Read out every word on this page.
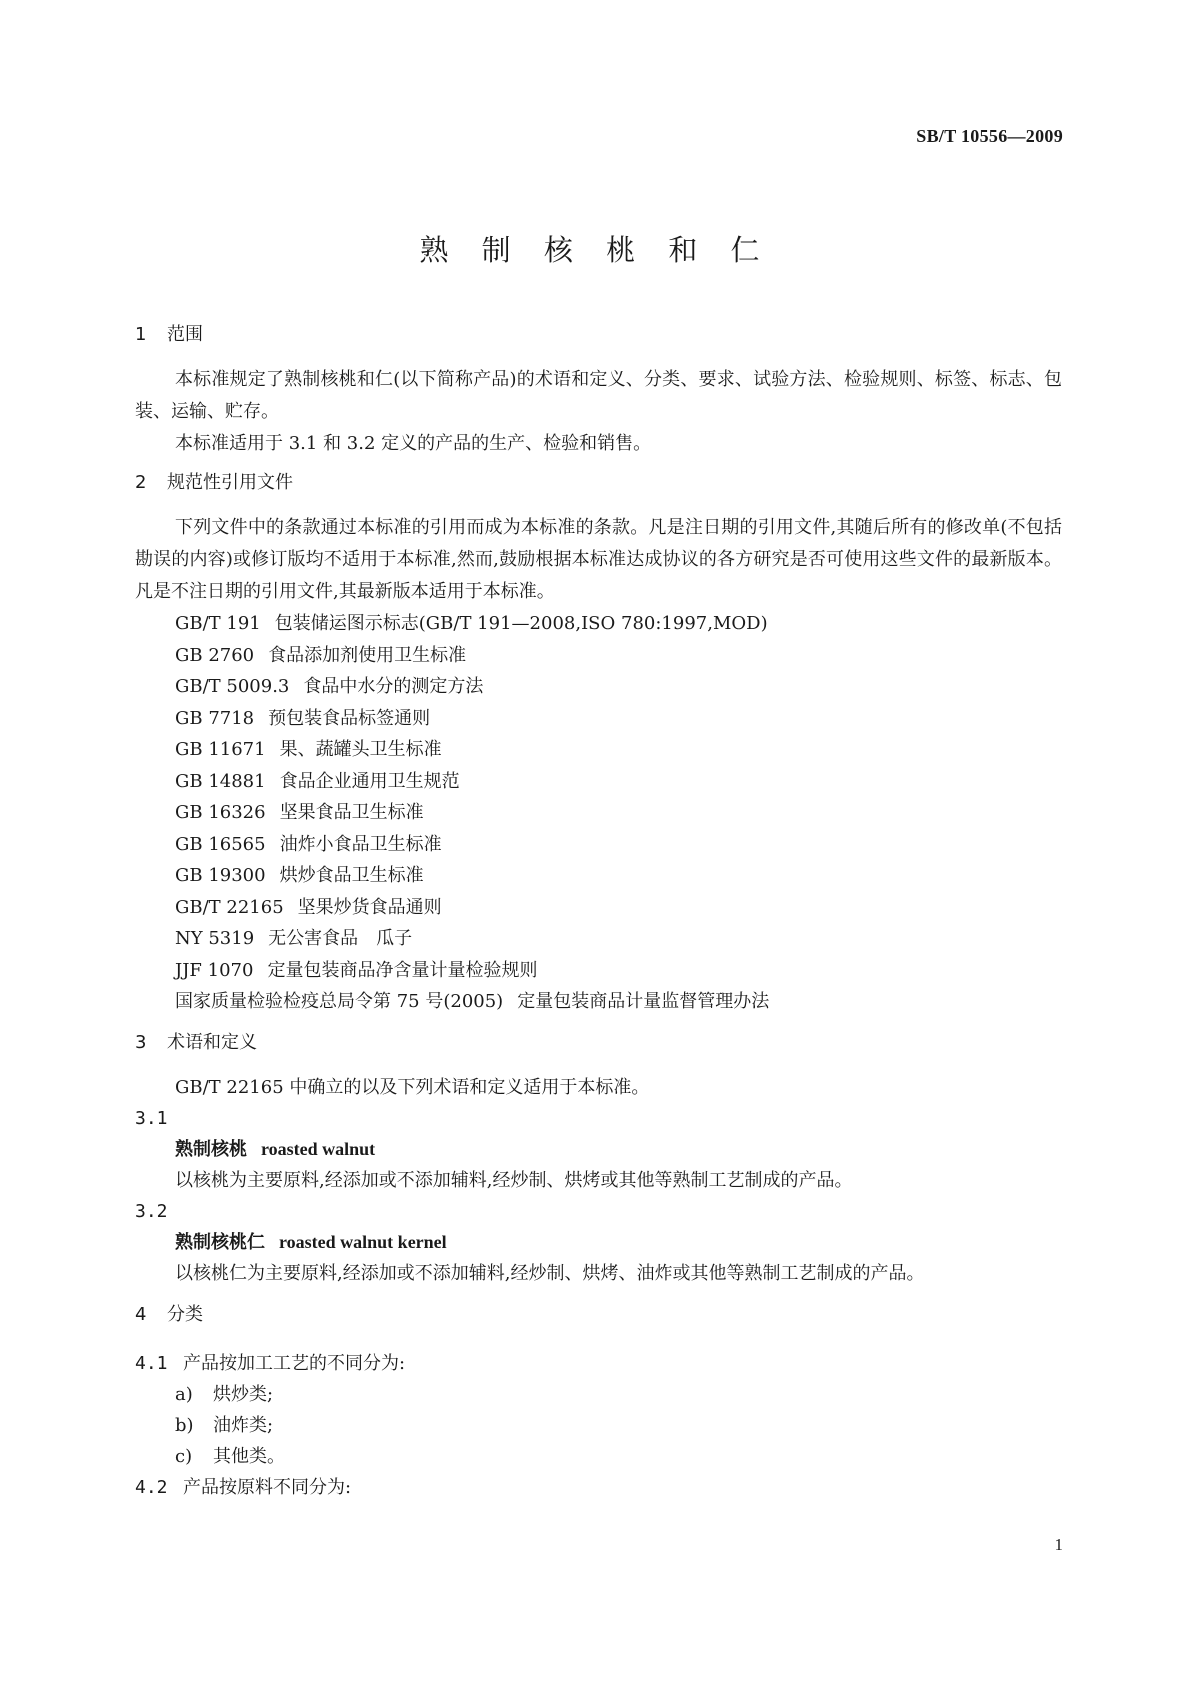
SB/T 10556—2009
熟 制 核 桃 和 仁
1 范围
本标准规定了熟制核桃和仁(以下简称产品)的术语和定义、分类、要求、试验方法、检验规则、标签、标志、包装、运输、贮存。
本标准适用于 3.1 和 3.2 定义的产品的生产、检验和销售。
2 规范性引用文件
下列文件中的条款通过本标准的引用而成为本标准的条款。凡是注日期的引用文件,其随后所有的修改单(不包括勘误的内容)或修订版均不适用于本标准,然而,鼓励根据本标准达成协议的各方研究是否可使用这些文件的最新版本。凡是不注日期的引用文件,其最新版本适用于本标准。
GB/T 191 包装储运图示标志(GB/T 191—2008,ISO 780:1997,MOD)
GB 2760 食品添加剂使用卫生标准
GB/T 5009.3 食品中水分的测定方法
GB 7718 预包装食品标签通则
GB 11671 果、蔬罐头卫生标准
GB 14881 食品企业通用卫生规范
GB 16326 坚果食品卫生标准
GB 16565 油炸小食品卫生标准
GB 19300 烘炒食品卫生标准
GB/T 22165 坚果炒货食品通则
NY 5319 无公害食品　瓜子
JJF 1070 定量包装商品净含量计量检验规则
国家质量检验检疫总局令第 75 号(2005) 定量包装商品计量监督管理办法
3 术语和定义
GB/T 22165 中确立的以及下列术语和定义适用于本标准。
3.1
熟制核桃 roasted walnut
以核桃为主要原料,经添加或不添加辅料,经炒制、烘烤或其他等熟制工艺制成的产品。
3.2
熟制核桃仁 roasted walnut kernel
以核桃仁为主要原料,经添加或不添加辅料,经炒制、烘烤、油炸或其他等熟制工艺制成的产品。
4 分类
4.1 产品按加工工艺的不同分为:
a) 烘炒类;
b) 油炸类;
c) 其他类。
4.2 产品按原料不同分为:
1
